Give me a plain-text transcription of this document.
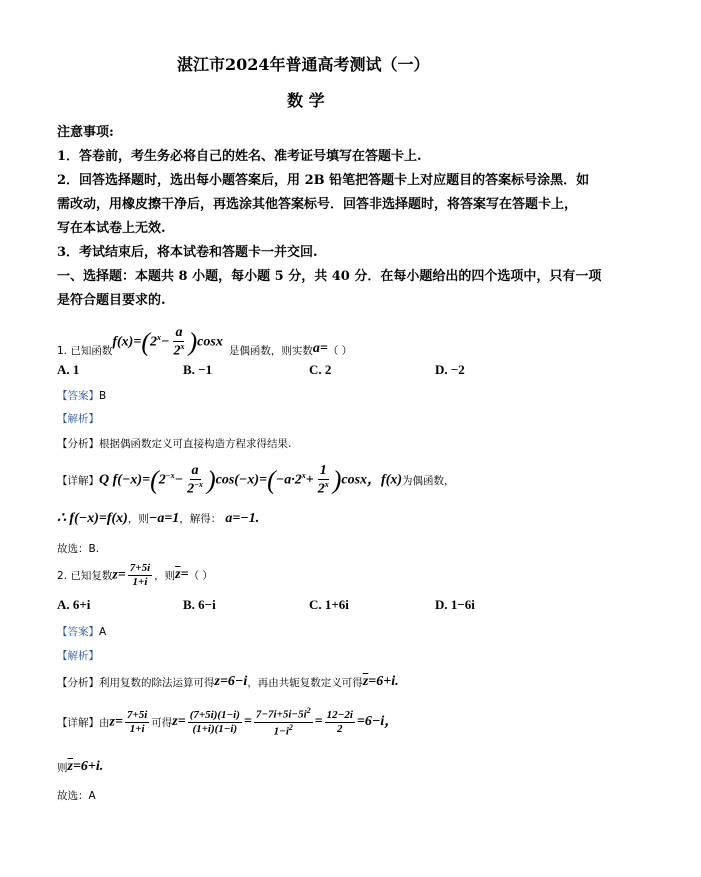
湛江市2024年普通高考测试（一）
数 学
注意事项:
1．答卷前，考生务必将自己的姓名、准考证号填写在答题卡上.
2．回答选择题时，选出每小题答案后，用 2B 铅笔把答题卡上对应题目的答案标号涂黑．如
需改动，用橡皮擦干净后，再选涂其他答案标号．回答非选择题时，将答案写在答题卡上，
写在本试卷上无效.
3．考试结束后，将本试卷和答题卡一并交回.
一、选择题：本题共 8 小题，每小题 5 分，共 40 分．在每小题给出的四个选项中，只有一项
是符合题目要求的.
1. 已知函数
$f(x)=(2^x- \frac{a}{2^x} )\cos x$
是偶函数，则实数 a= （ ）
A. 1	B. −1	C. 2	D. −2
【答案】B
【解析】
【分析】根据偶函数定义可直接构造方程求得结果.
【详解】 Q $f(-x)=(2^{-x}- \frac{a}{2^{-x}} )\cos(-x)=(-a\cdot 2^x+ \frac{1}{2^x} )\cos x$，f(x) 为偶函数，
∴ f(−x)=f(x) ，则 −a=1 ，解得： a=−1.
故选：B.
2. 已知复数 $z= \frac{7+5i}{1+i}$ ，则 $\overline{z}$ = （ ）
A. 6+i	B. 6−i	C. 1+6i	D. 1−6i
【答案】A
【解析】
【分析】利用复数的除法运算可得 z=6−i ，再由共轭复数定义可得 $\overline{z}=6+i$.
【详解】由 $z= \frac{7+5i}{1+i}$ 可得 $z= \frac{(7+5i)(1-i)}{(1+i)(1-i)} = \frac{7-7i+5i-5i^2}{1-i^2} = \frac{12-2i}{2} =6-i$，
则 $\overline{z}=6+i$.
故选：A
